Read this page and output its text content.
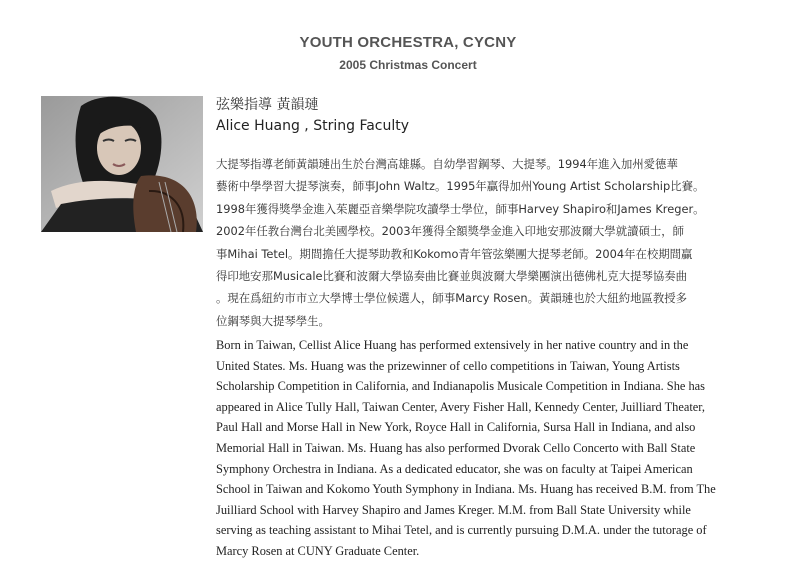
YOUTH ORCHESTRA, CYCNY
2005 Christmas Concert
弦樂指導 黃韻璉
Alice Huang , String Faculty
大提琴指導老師黃韻璉出生於台灣高雄縣。自幼學習鋼琴、大提琴。1994年進入加州愛德華
藝術中學學習大提琴演奏，師事John Waltz。1995年贏得加州Young Artist Scholarship比賽。
1998年獲得獎學金進入茱麗亞音樂學院攻讀學士學位，師事Harvey Shapiro和James Kreger。
2002年任教台灣台北美國學校。2003年獲得全額獎學金進入印地安那波爾大學就讀碩士，師
事Mihai Tetel。期間擔任大提琴助教和Kokomo青年管弦樂團大提琴老師。2004年在校期間贏
得印地安那Musicale比賽和波爾大學協奏曲比賽並與波爾大學樂團演出德佛札克大提琴協奏曲
。現在爲紐約市市立大學博士學位候選人，師事Marcy Rosen。黃韻璉也於大紐約地區教授多
位鋼琴與大提琴學生。
Born in Taiwan, Cellist Alice Huang has performed extensively in her native country and in the
United States. Ms. Huang was the prizewinner of cello competitions in Taiwan, Young Artists
Scholarship Competition in California, and Indianapolis Musicale Competition in Indiana. She has
appeared in Alice Tully Hall, Taiwan Center, Avery Fisher Hall, Kennedy Center, Juilliard Theater,
Paul Hall and Morse Hall in New York, Royce Hall in California, Sursa Hall in Indiana, and also
Memorial Hall in Taiwan. Ms. Huang has also performed Dvorak Cello Concerto with Ball State
Symphony Orchestra in Indiana. As a dedicated educator, she was on faculty at Taipei American
School in Taiwan and Kokomo Youth Symphony in Indiana. Ms. Huang has received B.M. from The
Juilliard School with Harvey Shapiro and James Kreger. M.M. from Ball State University while
serving as teaching assistant to Mihai Tetel, and is currently pursuing D.M.A. under the tutorage of
Marcy Rosen at CUNY Graduate Center.
